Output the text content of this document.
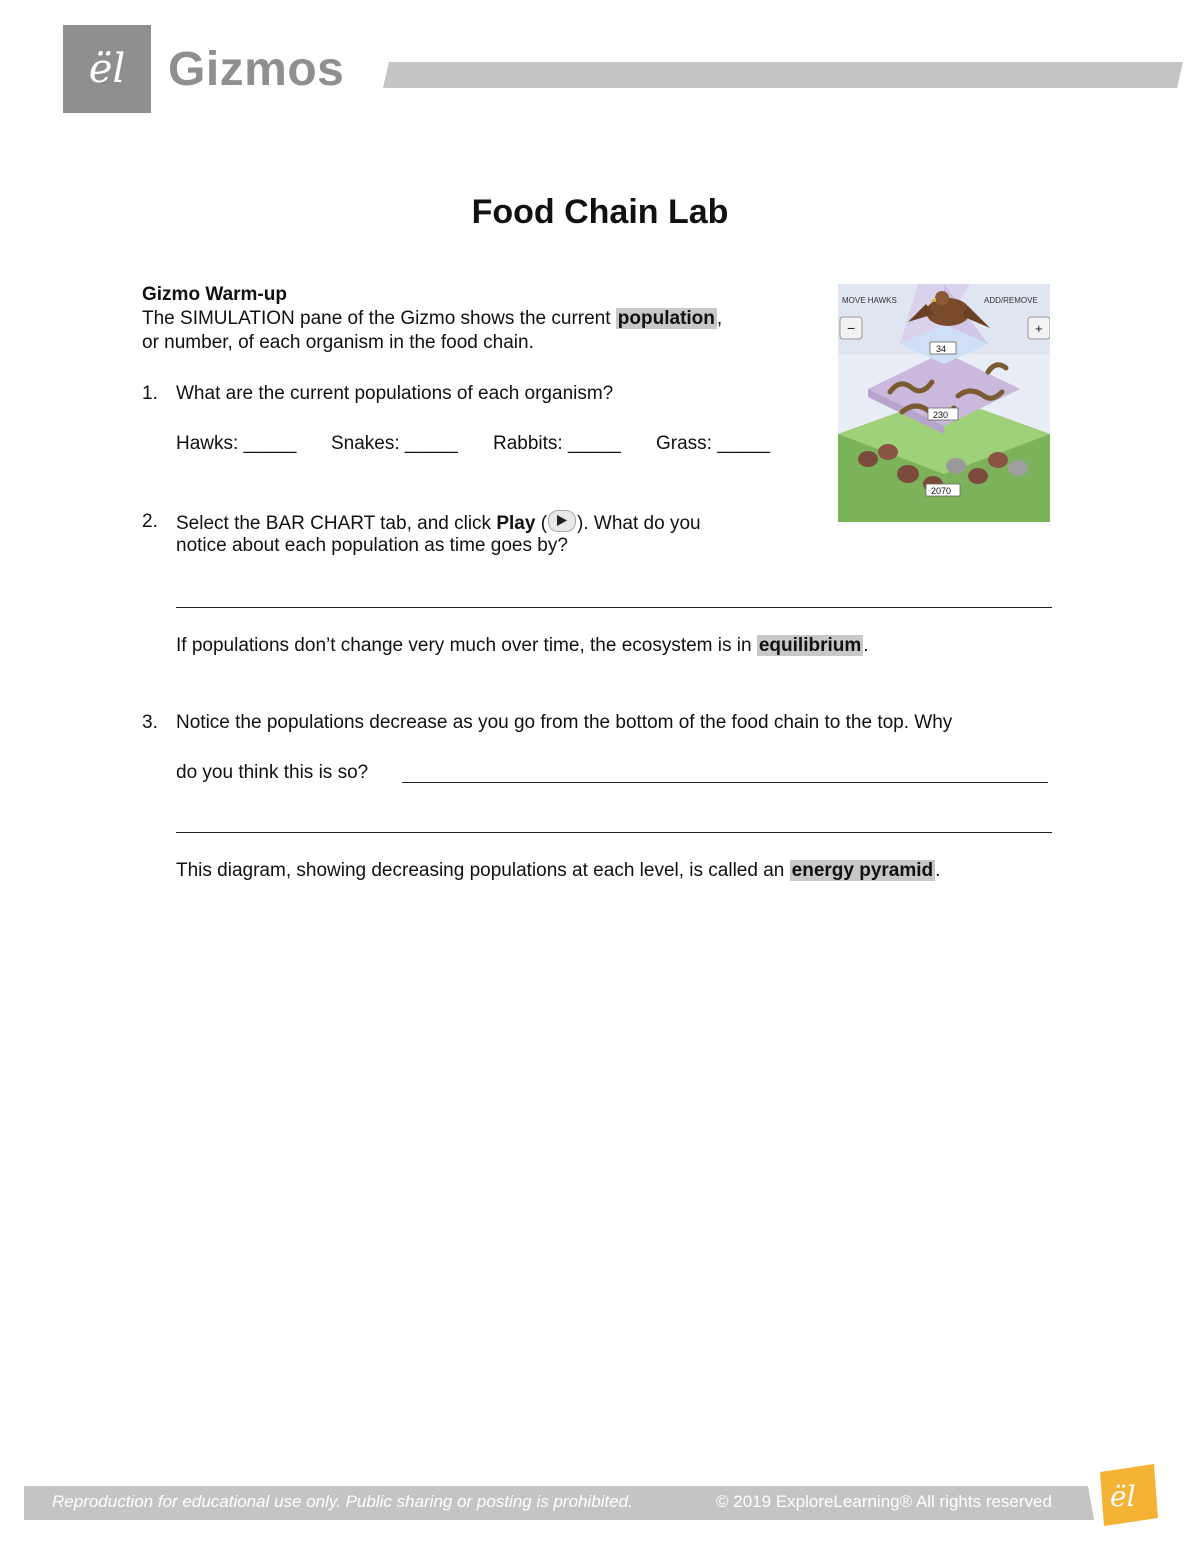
ël Gizmos
Food Chain Lab
Gizmo Warm-up
The SIMULATION pane of the Gizmo shows the current population ,
or number, of each organism in the food chain.
1. What are the current populations of each organism?
Hawks: _____ Snakes: _____ Rabbits: _____ Grass: _____
2. Select the BAR CHART tab, and click Play ( ). What do you
notice about each population as time goes by?
If populations don’t change very much over time, the ecosystem is in equilibrium .
3. Notice the populations decrease as you go from the bottom of the food chain to the top. Why
do you think this is so?
This diagram, showing decreasing populations at each level, is called an energy pyramid .
MOVE HAWKS	ADD/REMOVE
−	+
34
230
2070
Reproduction for educational use only. Public sharing or posting is prohibited.	© 2019 ExploreLearning® All rights reserved ël
